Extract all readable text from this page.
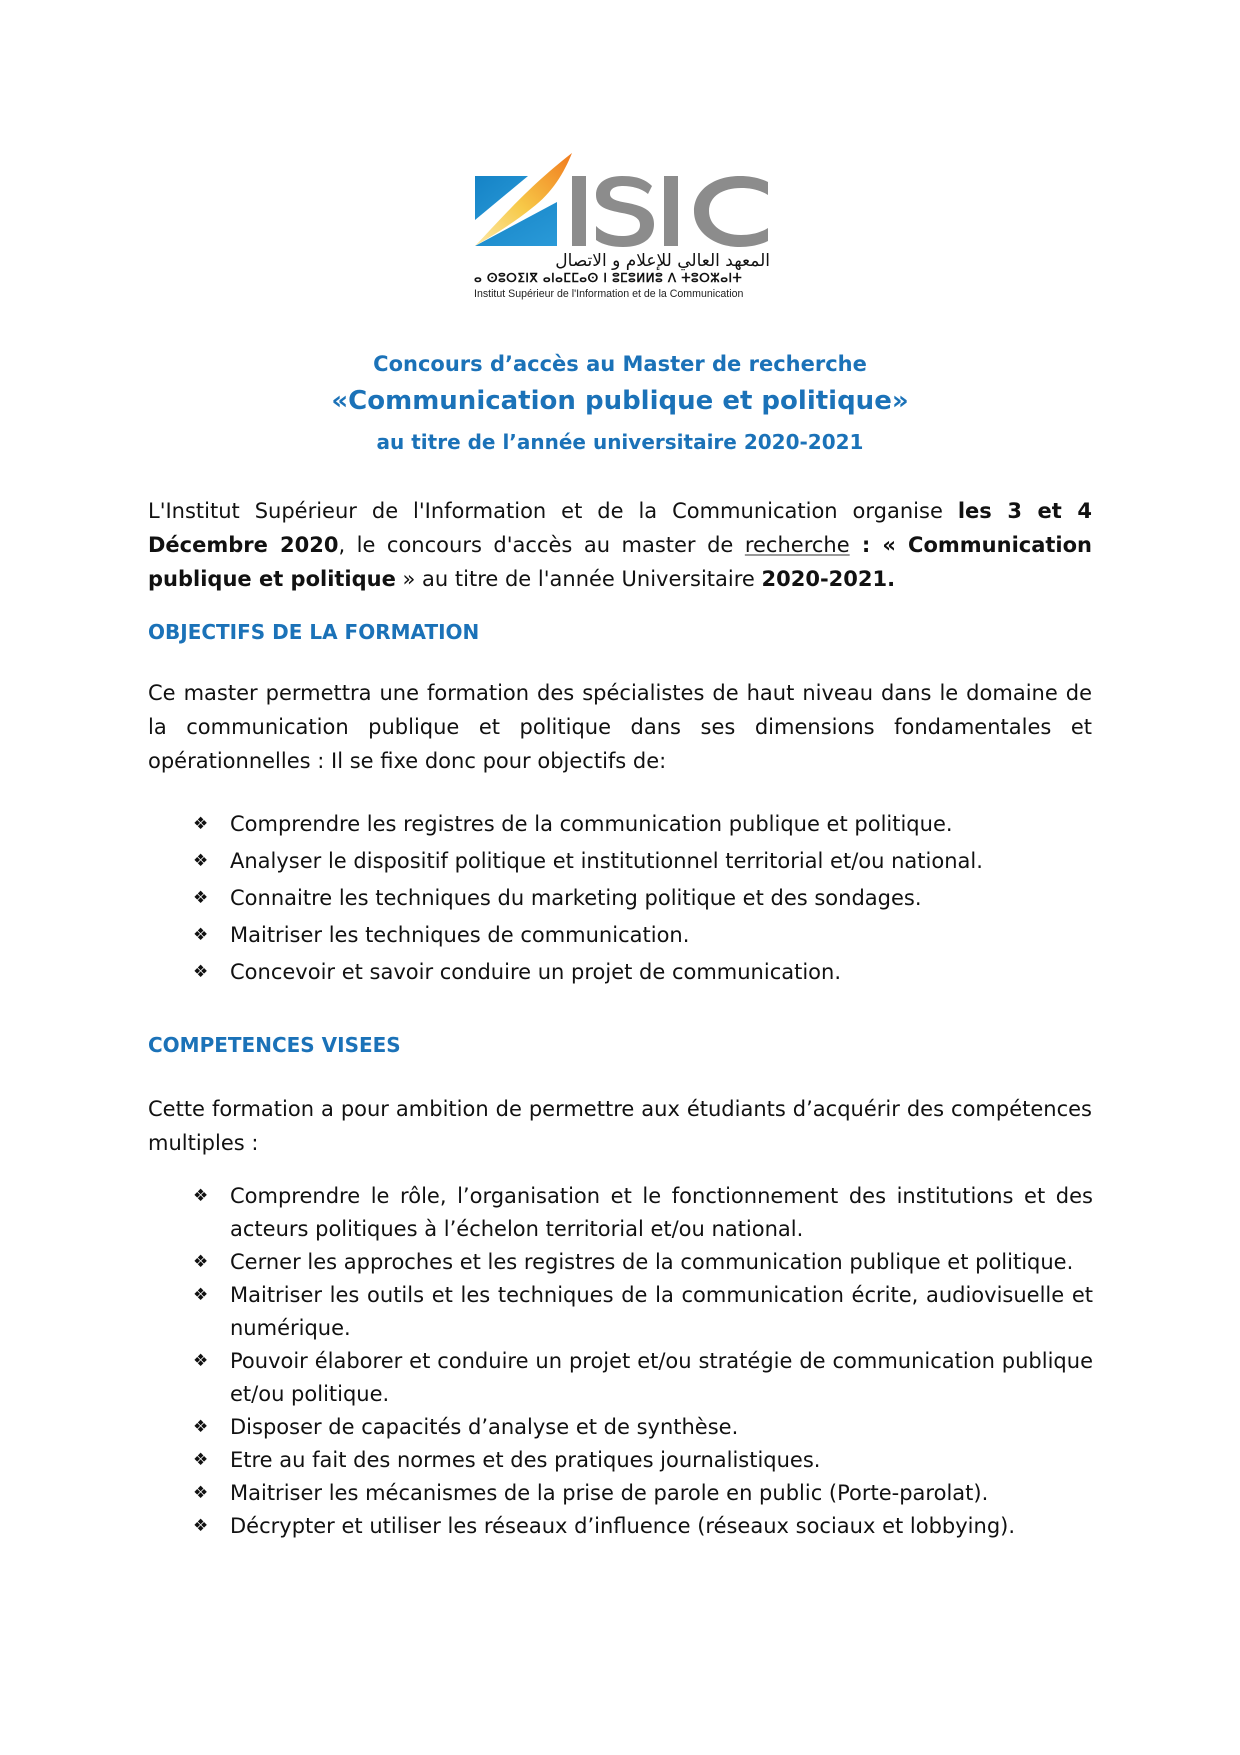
المعهد العالي للإعلام و الاتصال
ⴰ ⵙⵓⵔⵉⵏⴳ ⴰⵏⴰⵎⵎⴰⵙ ⵏ ⵓⵎⵓⵍⵍⵓ ⴷ ⵜⵓⵔⵣⴰⵏⵜ
Institut Supérieur de l'Information et de la Communication
Concours d’accès au Master de recherche
«Communication publique et politique»
au titre de l’année universitaire 2020-2021
L'Institut Supérieur de l'Information et de la Communication organise les 3 et 4 Décembre 2020, le concours d'accès au master de recherche : « Communication publique et politique » au titre de l'année Universitaire 2020-2021.
OBJECTIFS DE LA FORMATION
Ce master permettra une formation des spécialistes de haut niveau dans le domaine de la communication publique et politique dans ses dimensions fondamentales et opérationnelles : Il se fixe donc pour objectifs de:
❖ Comprendre les registres de la communication publique et politique.
❖ Analyser le dispositif politique et institutionnel territorial et/ou national.
❖ Connaitre les techniques du marketing politique et des sondages.
❖ Maitriser les techniques de communication.
❖ Concevoir et savoir conduire un projet de communication.
COMPETENCES VISEES
Cette formation a pour ambition de permettre aux étudiants d’acquérir des compétences multiples :
❖ Comprendre le rôle, l’organisation et le fonctionnement des institutions et des acteurs politiques à l’échelon territorial et/ou national.
❖ Cerner les approches et les registres de la communication publique et politique.
❖ Maitriser les outils et les techniques de la communication écrite, audiovisuelle et numérique.
❖ Pouvoir élaborer et conduire un projet et/ou stratégie de communication publique et/ou politique.
❖ Disposer de capacités d’analyse et de synthèse.
❖ Etre au fait des normes et des pratiques journalistiques.
❖ Maitriser les mécanismes de la prise de parole en public (Porte-parolat).
❖ Décrypter et utiliser les réseaux d’influence (réseaux sociaux et lobbying).
